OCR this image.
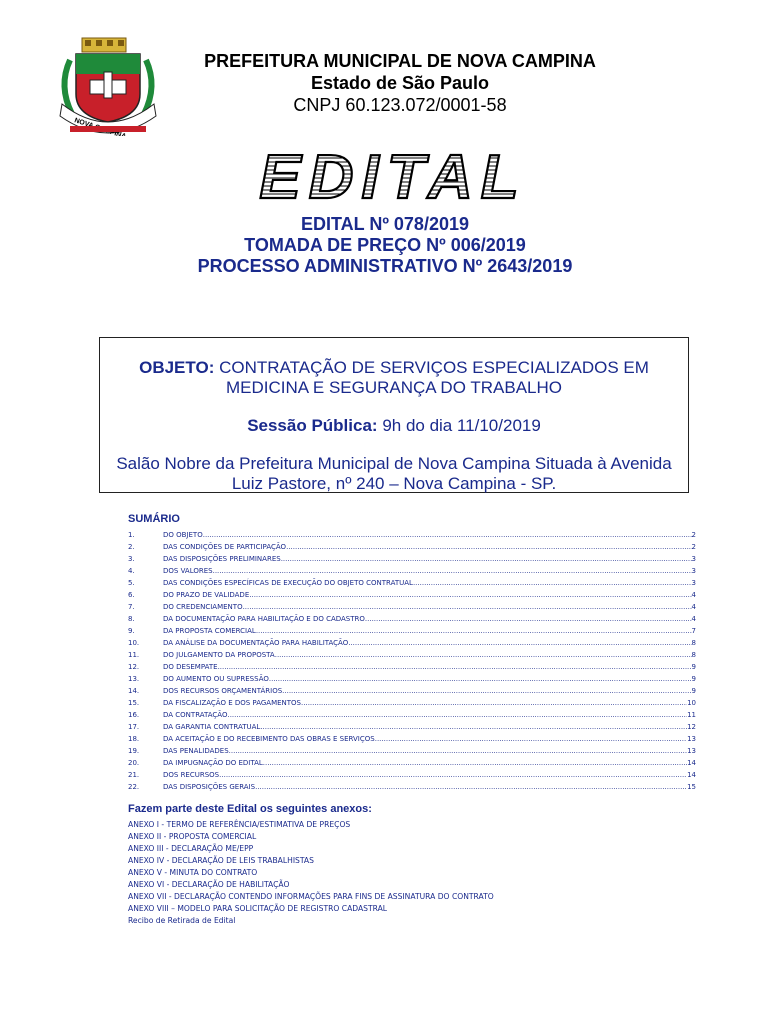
PREFEITURA MUNICIPAL DE NOVA CAMPINA
Estado de São Paulo
CNPJ 60.123.072/0001-58
EDITAL
EDITAL Nº 078/2019
TOMADA DE PREÇO Nº 006/2019
PROCESSO ADMINISTRATIVO Nº 2643/2019
OBJETO: CONTRATAÇÃO DE SERVIÇOS ESPECIALIZADOS EM MEDICINA E SEGURANÇA DO TRABALHO
Sessão Pública: 9h do dia 11/10/2019
Salão Nobre da Prefeitura Municipal de Nova Campina Situada à Avenida Luiz Pastore, nº 240 – Nova Campina - SP.
SUMÁRIO
1.	DO OBJETO .....	2
2.	DAS CONDIÇÕES DE PARTICIPAÇÃO .....	2
3.	DAS DISPOSIÇÕES PRELIMINARES .....	3
4.	DOS VALORES .....	3
5.	DAS CONDIÇÕES ESPECÍFICAS DE EXECUÇÃO DO OBJETO CONTRATUAL .....	3
6.	DO PRAZO DE VALIDADE .....	4
7.	DO CREDENCIAMENTO .....	4
8.	DA DOCUMENTAÇÃO PARA HABILITAÇÃO E DO CADASTRO .....	4
9.	DA PROPOSTA COMERCIAL .....	7
10.	DA ANÁLISE DA DOCUMENTAÇÃO PARA HABILITAÇÃO .....	8
11.	DO JULGAMENTO DA PROPOSTA .....	8
12.	DO DESEMPATE .....	9
13.	DO AUMENTO OU SUPRESSÃO .....	9
14.	DOS RECURSOS ORÇAMENTÁRIOS .....	9
15.	DA FISCALIZAÇÃO E DOS PAGAMENTOS .....	10
16.	DA CONTRATAÇÃO .....	11
17.	DA GARANTIA CONTRATUAL .....	12
18.	DA ACEITAÇÃO E DO RECEBIMENTO DAS OBRAS E SERVIÇOS .....	13
19.	DAS PENALIDADES .....	13
20.	DA IMPUGNAÇÃO DO EDITAL .....	14
21.	DOS RECURSOS .....	14
22.	DAS DISPOSIÇÕES GERAIS .....	15
Fazem parte deste Edital os seguintes anexos:
ANEXO I - TERMO DE REFERÊNCIA/ESTIMATIVA DE PREÇOS
ANEXO II - PROPOSTA COMERCIAL
ANEXO III - DECLARAÇÃO ME/EPP
ANEXO IV - DECLARAÇÃO DE LEIS TRABALHISTAS
ANEXO V - MINUTA DO CONTRATO
ANEXO VI - DECLARAÇÃO DE HABILITAÇÃO
ANEXO VII - DECLARAÇÃO CONTENDO INFORMAÇÕES PARA FINS DE ASSINATURA DO CONTRATO
ANEXO VIII – MODELO PARA SOLICITAÇÃO DE REGISTRO CADASTRAL
Recibo de Retirada de Edital
